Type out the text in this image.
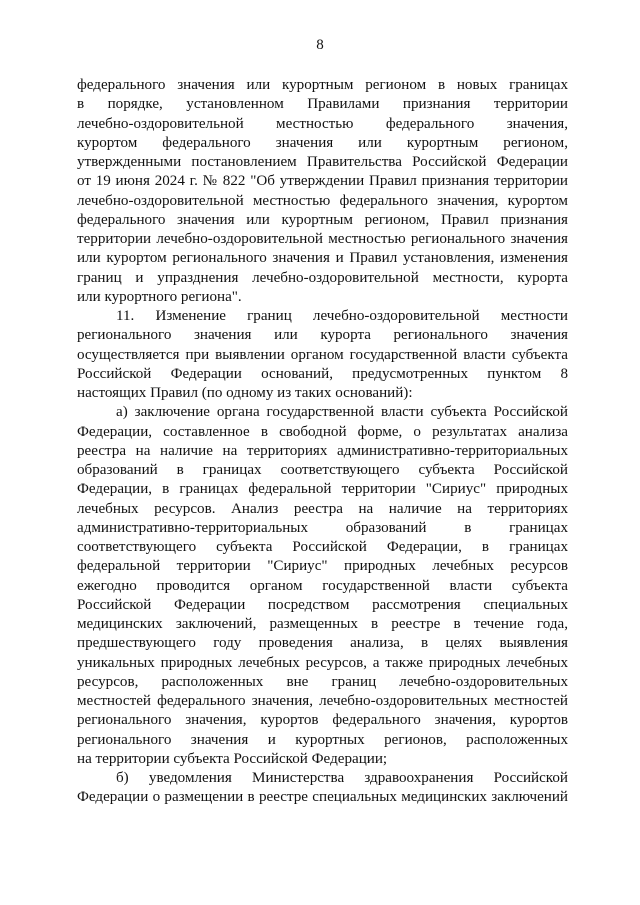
8
федерального значения или курортным регионом в новых границах
в порядке, установленном Правилами признания территории
лечебно-оздоровительной местностью федерального значения,
курортом федерального значения или курортным регионом,
утвержденными постановлением Правительства Российской Федерации
от 19 июня 2024 г. № 822 "Об утверждении Правил признания территории
лечебно-оздоровительной местностью федерального значения, курортом
федерального значения или курортным регионом, Правил признания
территории лечебно-оздоровительной местностью регионального значения
или курортом регионального значения и Правил установления, изменения
границ и упразднения лечебно-оздоровительной местности, курорта
или курортного региона".
11. Изменение границ лечебно-оздоровительной местности
регионального значения или курорта регионального значения
осуществляется при выявлении органом государственной власти субъекта
Российской Федерации оснований, предусмотренных пунктом 8
настоящих Правил (по одному из таких оснований):
а) заключение органа государственной власти субъекта Российской
Федерации, составленное в свободной форме, о результатах анализа
реестра на наличие на территориях административно-территориальных
образований в границах соответствующего субъекта Российской
Федерации, в границах федеральной территории "Сириус" природных
лечебных ресурсов. Анализ реестра на наличие на территориях
административно-территориальных образований в границах
соответствующего субъекта Российской Федерации, в границах
федеральной территории "Сириус" природных лечебных ресурсов
ежегодно проводится органом государственной власти субъекта
Российской Федерации посредством рассмотрения специальных
медицинских заключений, размещенных в реестре в течение года,
предшествующего году проведения анализа, в целях выявления
уникальных природных лечебных ресурсов, а также природных лечебных
ресурсов, расположенных вне границ лечебно-оздоровительных
местностей федерального значения, лечебно-оздоровительных местностей
регионального значения, курортов федерального значения, курортов
регионального значения и курортных регионов, расположенных
на территории субъекта Российской Федерации;
б) уведомления Министерства здравоохранения Российской
Федерации о размещении в реестре специальных медицинских заключений
